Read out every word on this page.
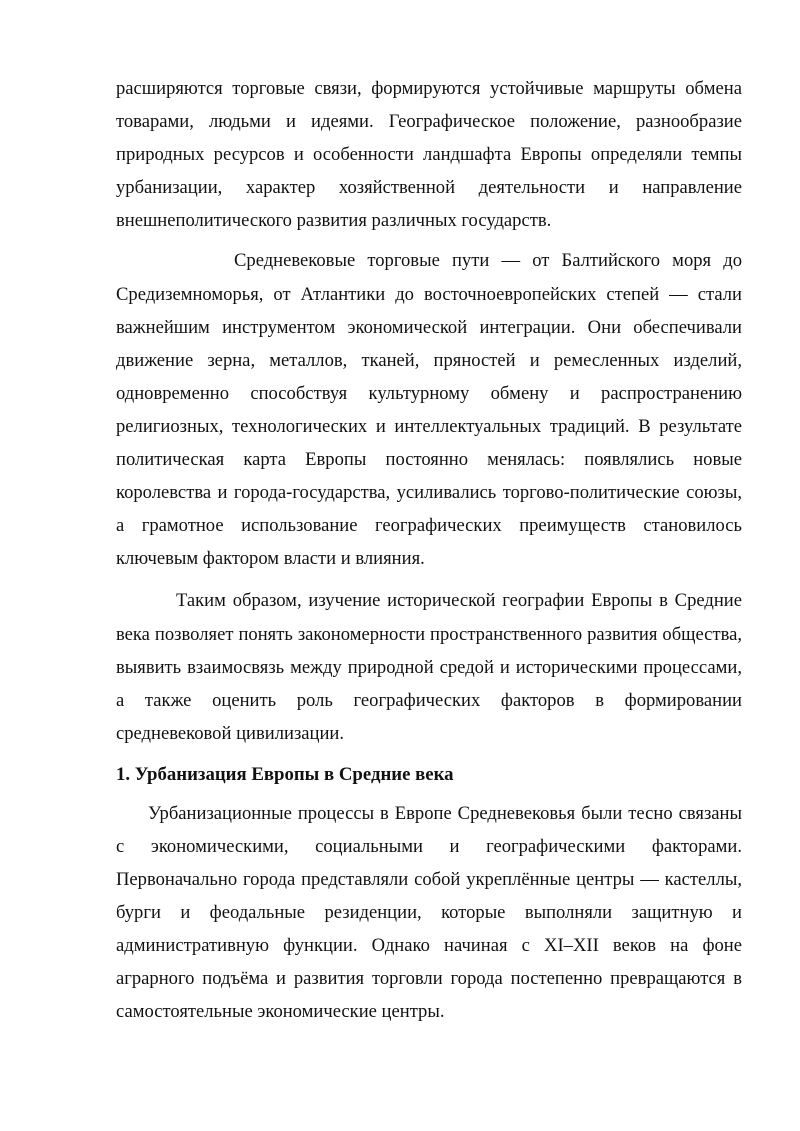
расширяются торговые связи, формируются устойчивые маршруты обмена товарами, людьми и идеями. Географическое положение, разнообразие природных ресурсов и особенности ландшафта Европы определяли темпы урбанизации, характер хозяйственной деятельности и направление внешнеполитического развития различных государств.

Средневековые торговые пути — от Балтийского моря до Средиземноморья, от Атлантики до восточноевропейских степей — стали важнейшим инструментом экономической интеграции. Они обеспечивали движение зерна, металлов, тканей, пряностей и ремесленных изделий, одновременно способствуя культурному обмену и распространению религиозных, технологических и интеллектуальных традиций. В результате политическая карта Европы постоянно менялась: появлялись новые королевства и города-государства, усиливались торгово-политические союзы, а грамотное использование географических преимуществ становилось ключевым фактором власти и влияния.

Таким образом, изучение исторической географии Европы в Средние века позволяет понять закономерности пространственного развития общества, выявить взаимосвязь между природной средой и историческими процессами, а также оценить роль географических факторов в формировании средневековой цивилизации.

1. Урбанизация Европы в Средние века

Урбанизационные процессы в Европе Средневековья были тесно связаны с экономическими, социальными и географическими факторами. Первоначально города представляли собой укреплённые центры — кастеллы, бурги и феодальные резиденции, которые выполняли защитную и административную функции. Однако начиная с XI–XII веков на фоне аграрного подъёма и развития торговли города постепенно превращаются в самостоятельные экономические центры.
